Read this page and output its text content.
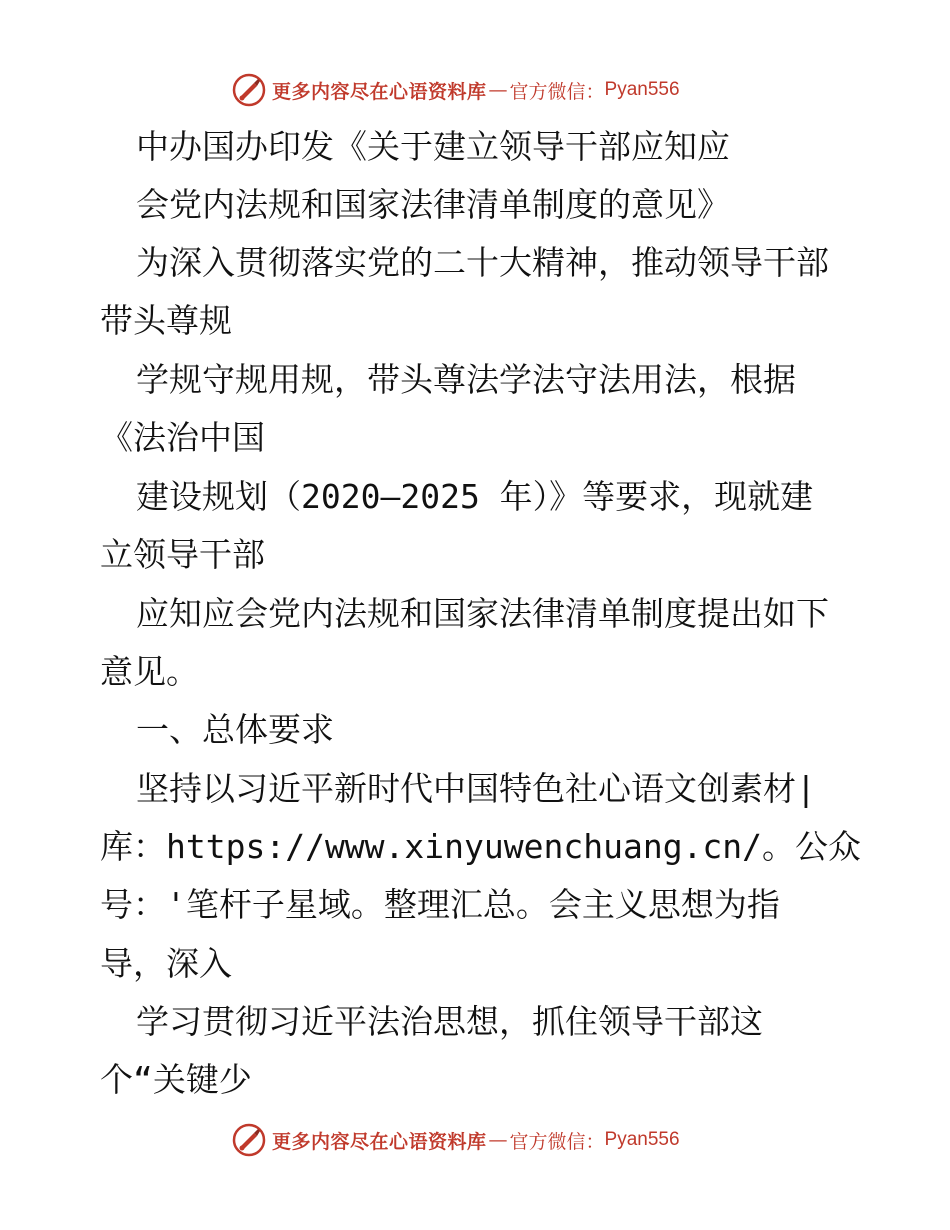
更多内容尽在心语资料库 — 官方微信： Pyan556
中办国办印发《关于建立领导干部应知应
会党内法规和国家法律清单制度的意见》
为深入贯彻落实党的二十大精神，推动领导干部
带头尊规
学规守规用规，带头尊法学法守法用法，根据
《法治中国
建设规划（2020—2025 年）》等要求，现就建
立领导干部
应知应会党内法规和国家法律清单制度提出如下
意见。
一、总体要求
坚持以习近平新时代中国特色社心语文创素材|
库：https://www.xinyuwenchuang.cn/。公众
号：'笔杆子星域。整理汇总。会主义思想为指
导，深入
学习贯彻习近平法治思想，抓住领导干部这
个“关键少
更多内容尽在心语资料库 — 官方微信： Pyan556
